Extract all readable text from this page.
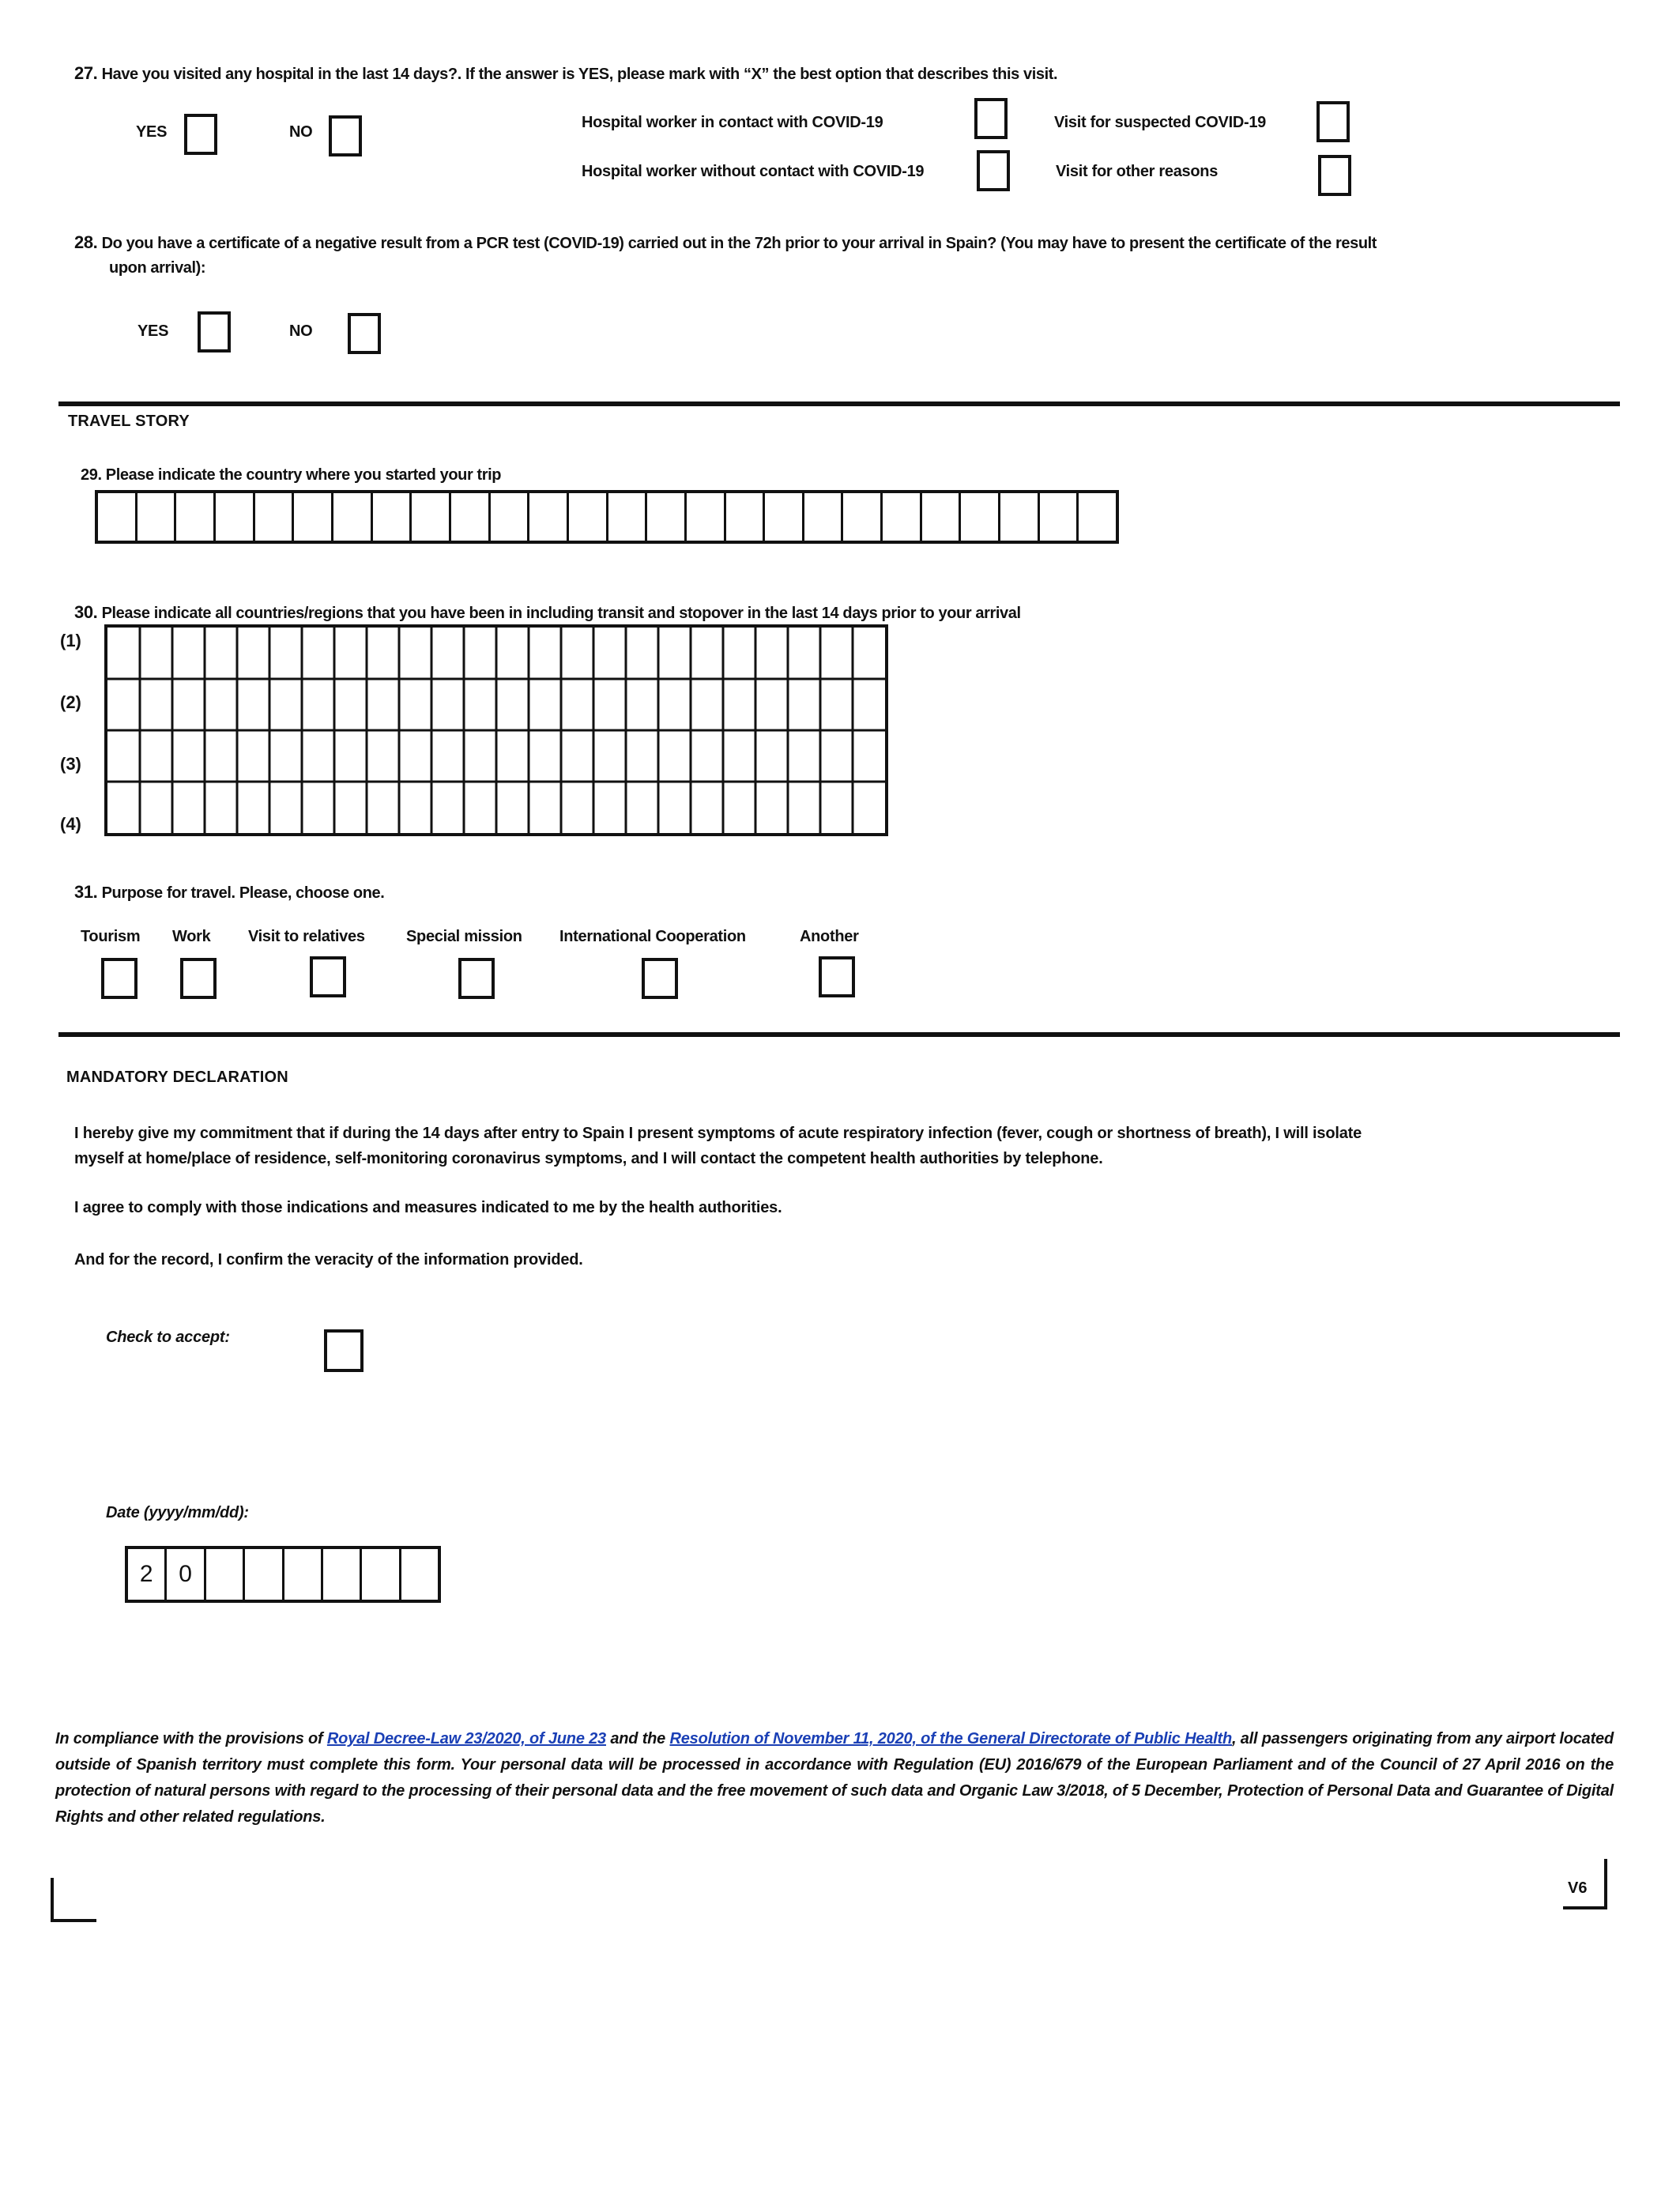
27. Have you visited any hospital in the last 14 days?. If the answer is YES, please mark with “X” the best option that describes this visit.
YES	NO
Hospital worker in contact with COVID-19	Visit for suspected COVID-19
Hospital worker without contact with COVID-19	Visit for other reasons
28. Do you have a certificate of a negative result from a PCR test (COVID-19) carried out in the 72h prior to your arrival in Spain? (You may have to present the certificate of the result
upon arrival):
YES	NO
TRAVEL STORY
29. Please indicate the country where you started your trip
30. Please indicate all countries/regions that you have been in including transit and stopover in the last 14 days prior to your arrival
(1)
(2)
(3)
(4)
31. Purpose for travel. Please, choose one.
Tourism Work Visit to relatives	Special mission International Cooperation	Another
MANDATORY DECLARATION
I hereby give my commitment that if during the 14 days after entry to Spain I present symptoms of acute respiratory infection (fever, cough or shortness of breath), I will isolate
myself at home/place of residence, self-monitoring coronavirus symptoms, and I will contact the competent health authorities by telephone.
I agree to comply with those indications and measures indicated to me by the health authorities.
And for the record, I confirm the veracity of the information provided.
Check to accept:
Date (yyyy/mm/dd):
2	0
In compliance with the provisions of Royal Decree-Law 23/2020, of June 23 and the Resolution of November 11, 2020, of the General Directorate of Public Health, all passengers originating from any airport located outside of Spanish territory must complete this form. Your personal data will be processed in accordance with Regulation (EU) 2016/679 of the European Parliament and of the Council of 27 April 2016 on the protection of natural persons with regard to the processing of their personal data and the free movement of such data and Organic Law 3/2018, of 5 December, Protection of Personal Data and Guarantee of Digital Rights and other related regulations.
V6
